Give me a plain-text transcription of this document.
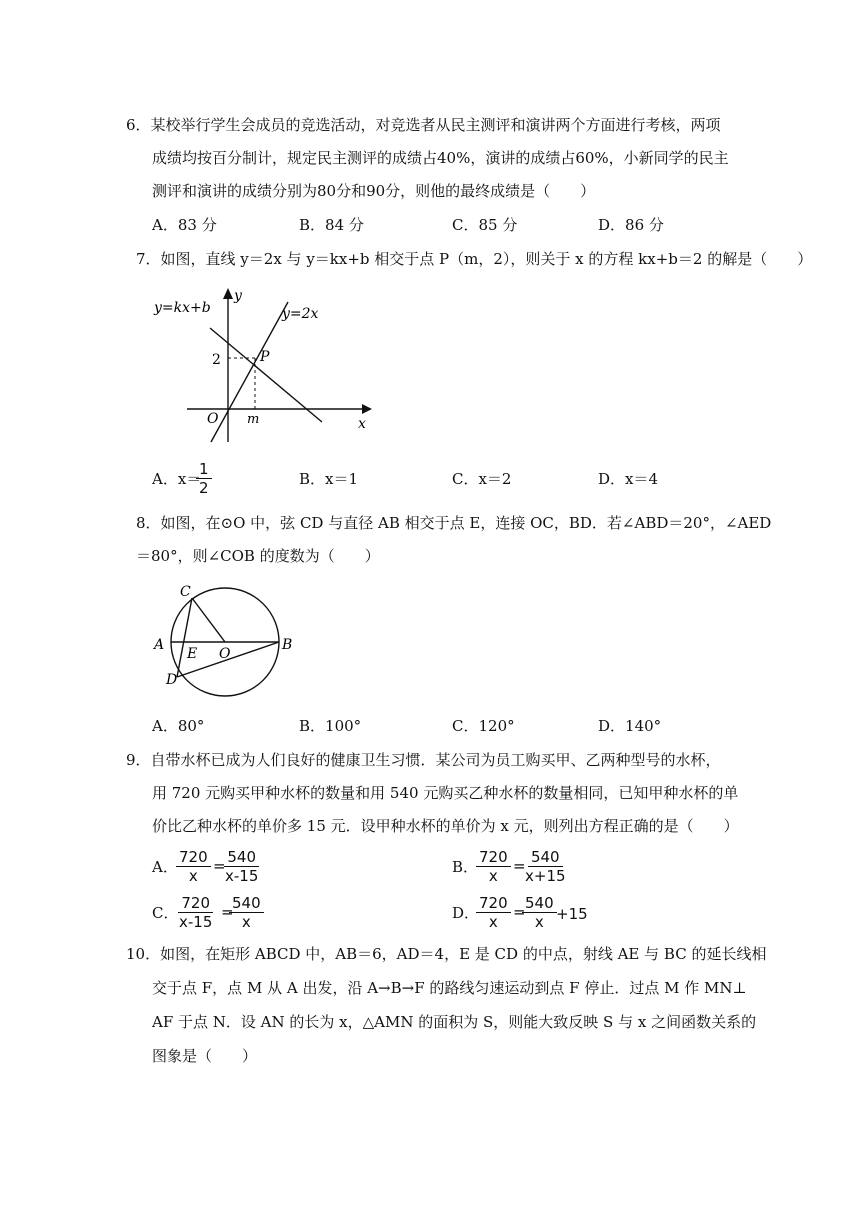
6．某校举行学生会成员的竞选活动，对竞选者从民主测评和演讲两个方面进行考核，两项
成绩均按百分制计，规定民主测评的成绩占40%，演讲的成绩占60%，小新同学的民主
测评和演讲的成绩分别为80分和90分，则他的最终成绩是（　　）
A．83 分	B．84 分	C．85 分	D．86 分
7．如图，直线 y＝2x 与 y＝kx+b 相交于点 P（m，2），则关于 x 的方程 kx+b＝2 的解是（　　）
y=kx+b	y=2x
y
x
O
P
2
m
A．x＝
$\frac{1}{2}$	B．x＝1	C．x＝2	D．x＝4
8．如图，在⊙O 中，弦 CD 与直径 AB 相交于点 E，连接 OC，BD．若∠ABD＝20°，∠AED
＝80°，则∠COB 的度数为（　　）
A	B
C
D
E O
A．80°	B．100°	C．120°	D．140°
9．自带水杯已成为人们良好的健康卫生习惯．某公司为员工购买甲、乙两种型号的水杯，
用 720 元购买甲种水杯的数量和用 540 元购买乙种水杯的数量相同，已知甲种水杯的单
价比乙种水杯的单价多 15 元．设甲种水杯的单价为 x 元，则列出方程正确的是（　　）
A．
$\frac{720}{x}$ =
$\frac{540}{x-15}$	B．
$\frac{720}{x}$ =
$\frac{540}{x+15}$
C．
$\frac{720}{x-15}$ =
$\frac{540}{x}$	D．
$\frac{720}{x}$ =
$\frac{540}{x} +15$
10．如图，在矩形 ABCD 中，AB＝6，AD＝4，E 是 CD 的中点，射线 AE 与 BC 的延长线相
交于点 F，点 M 从 A 出发，沿 A→B→F 的路线匀速运动到点 F 停止．过点 M 作 MN⊥
AF 于点 N．设 AN 的长为 x，△AMN 的面积为 S，则能大致反映 S 与 x 之间函数关系的
图象是（　　）
